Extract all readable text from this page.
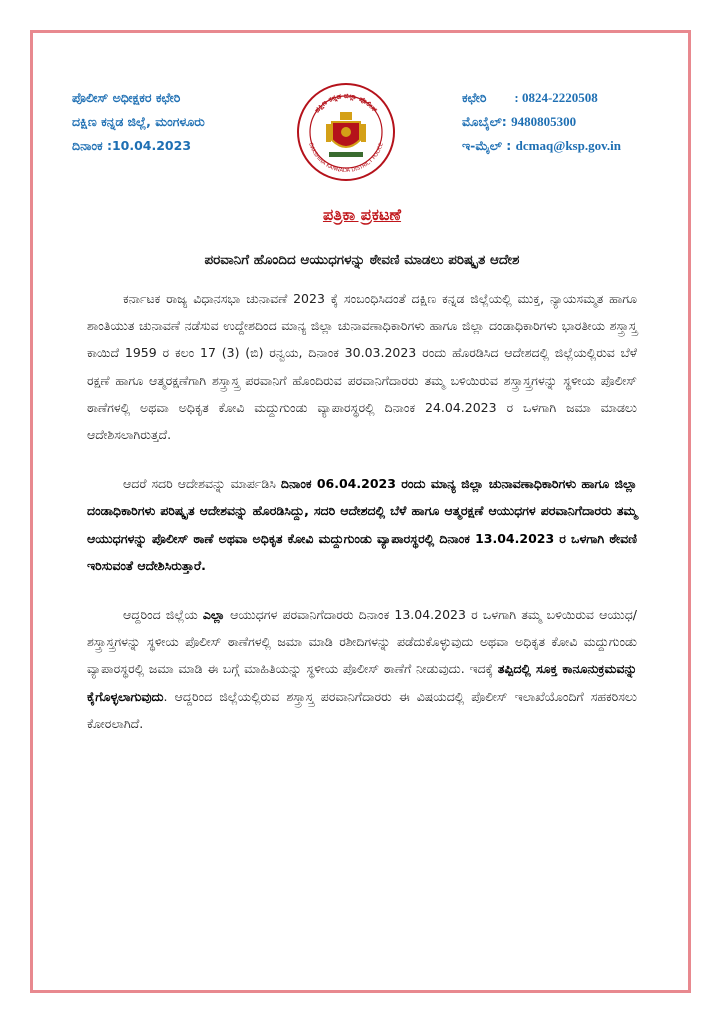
ಪೊಲೀಸ್ ಅಧೀಕ್ಷಕರ ಕಛೇರಿ
ದಕ್ಷಿಣ ಕನ್ನಡ ಜಿಲ್ಲೆ, ಮಂಗಳೂರು
ದಿನಾಂಕ :10.04.2023
ದಕ್ಷಿಣ ಕನ್ನಡ ಜಿಲ್ಲಾ ಪೊಲೀಸ್
DAKSHINA KANNADA DISTRICT POLICE
ಕಛೇರಿ : 0824-2220508
ಮೊಬೈಲ್: 9480805300
ಇ-ಮೈಲ್ : dcmaq@ksp.gov.in
ಪತ್ರಿಕಾ ಪ್ರಕಟಣೆ
ಪರವಾನಿಗೆ ಹೊಂದಿದ ಆಯುಧಗಳನ್ನು ಠೇವಣಿ ಮಾಡಲು ಪರಿಷ್ಕೃತ ಆದೇಶ

ಕರ್ನಾಟಕ ರಾಜ್ಯ ವಿಧಾನಸಭಾ ಚುನಾವಣೆ 2023 ಕ್ಕೆ ಸಂಬಂಧಿಸಿದಂತೆ ದಕ್ಷಿಣ ಕನ್ನಡ ಜಿಲ್ಲೆಯಲ್ಲಿ ಮುಕ್ತ, ನ್ಯಾಯಸಮ್ಮತ ಹಾಗೂ ಶಾಂತಿಯುತ ಚುನಾವಣೆ ನಡೆಸುವ ಉದ್ದೇಶದಿಂದ ಮಾನ್ಯ ಜಿಲ್ಲಾ ಚುನಾವಣಾಧಿಕಾರಿಗಳು ಹಾಗೂ ಜಿಲ್ಲಾ ದಂಡಾಧಿಕಾರಿಗಳು ಭಾರತೀಯ ಶಸ್ತ್ರಾಸ್ತ್ರ ಕಾಯಿದೆ 1959 ರ ಕಲಂ 17 (3) (ಬಿ) ರನ್ವಯ, ದಿನಾಂಕ 30.03.2023 ರಂದು ಹೊರಡಿಸಿದ ಆದೇಶದಲ್ಲಿ ಜಿಲ್ಲೆಯಲ್ಲಿರುವ ಬೆಳೆ ರಕ್ಷಣೆ ಹಾಗೂ ಆತ್ಮರಕ್ಷಣೆಗಾಗಿ ಶಸ್ತ್ರಾಸ್ತ್ರ ಪರವಾನಿಗೆ ಹೊಂದಿರುವ ಪರವಾನಿಗೆದಾರರು ತಮ್ಮ ಬಳಿಯಿರುವ ಶಸ್ತ್ರಾಸ್ತ್ರಗಳನ್ನು ಸ್ಥಳೀಯ ಪೊಲೀಸ್ ಠಾಣೆಗಳಲ್ಲಿ ಅಥವಾ ಅಧಿಕೃತ ಕೋವಿ ಮದ್ದುಗುಂಡು ವ್ಯಾಪಾರಸ್ಥರಲ್ಲಿ ದಿನಾಂಕ 24.04.2023 ರ ಒಳಗಾಗಿ ಜಮಾ ಮಾಡಲು ಆದೇಶಿಸಲಾಗಿರುತ್ತದೆ.

ಆದರೆ ಸದರಿ ಆದೇಶವನ್ನು ಮಾರ್ಪಡಿಸಿ ದಿನಾಂಕ 06.04.2023 ರಂದು ಮಾನ್ಯ ಜಿಲ್ಲಾ ಚುನಾವಣಾಧಿಕಾರಿಗಳು ಹಾಗೂ ಜಿಲ್ಲಾ ದಂಡಾಧಿಕಾರಿಗಳು ಪರಿಷ್ಕೃತ ಆದೇಶವನ್ನು ಹೊರಡಿಸಿದ್ದು, ಸದರಿ ಆದೇಶದಲ್ಲಿ ಬೆಳೆ ಹಾಗೂ ಆತ್ಮರಕ್ಷಣೆ ಆಯುಧಗಳ ಪರವಾನಿಗೆದಾರರು ತಮ್ಮ ಆಯುಧಗಳನ್ನು ಪೊಲೀಸ್ ಠಾಣೆ ಅಥವಾ ಅಧಿಕೃತ ಕೋವಿ ಮದ್ದುಗುಂಡು ವ್ಯಾಪಾರಸ್ಥರಲ್ಲಿ ದಿನಾಂಕ 13.04.2023 ರ ಒಳಗಾಗಿ ಠೇವಣಿ ಇರಿಸುವಂತೆ ಆದೇಶಿಸಿರುತ್ತಾರೆ.

ಆದ್ದರಿಂದ ಜಿಲ್ಲೆಯ ಎಲ್ಲಾ ಆಯುಧಗಳ ಪರವಾನಿಗೆದಾರರು ದಿನಾಂಕ 13.04.2023 ರ ಒಳಗಾಗಿ ತಮ್ಮ ಬಳಿಯಿರುವ ಆಯುಧ/ಶಸ್ತ್ರಾಸ್ತ್ರಗಳನ್ನು ಸ್ಥಳೀಯ ಪೊಲೀಸ್ ಠಾಣೆಗಳಲ್ಲಿ ಜಮಾ ಮಾಡಿ ರಶೀದಿಗಳನ್ನು ಪಡೆದುಕೊಳ್ಳುವುದು ಅಥವಾ ಅಧಿಕೃತ ಕೋವಿ ಮದ್ದುಗುಂಡು ವ್ಯಾಪಾರಸ್ಥರಲ್ಲಿ ಜಮಾ ಮಾಡಿ ಈ ಬಗ್ಗೆ ಮಾಹಿತಿಯನ್ನು ಸ್ಥಳೀಯ ಪೊಲೀಸ್ ಠಾಣೆಗೆ ನೀಡುವುದು. ಇದಕ್ಕೆ ತಪ್ಪಿದಲ್ಲಿ ಸೂಕ್ತ ಕಾನೂನುಕ್ರಮವನ್ನು ಕೈಗೊಳ್ಳಲಾಗುವುದು. ಆದ್ದರಿಂದ ಜಿಲ್ಲೆಯಲ್ಲಿರುವ ಶಸ್ತ್ರಾಸ್ತ್ರ ಪರವಾನಿಗೆದಾರರು ಈ ವಿಷಯದಲ್ಲಿ ಪೊಲೀಸ್ ಇಲಾಖೆಯೊಂದಿಗೆ ಸಹಕರಿಸಲು ಕೋರಲಾಗಿದೆ.
